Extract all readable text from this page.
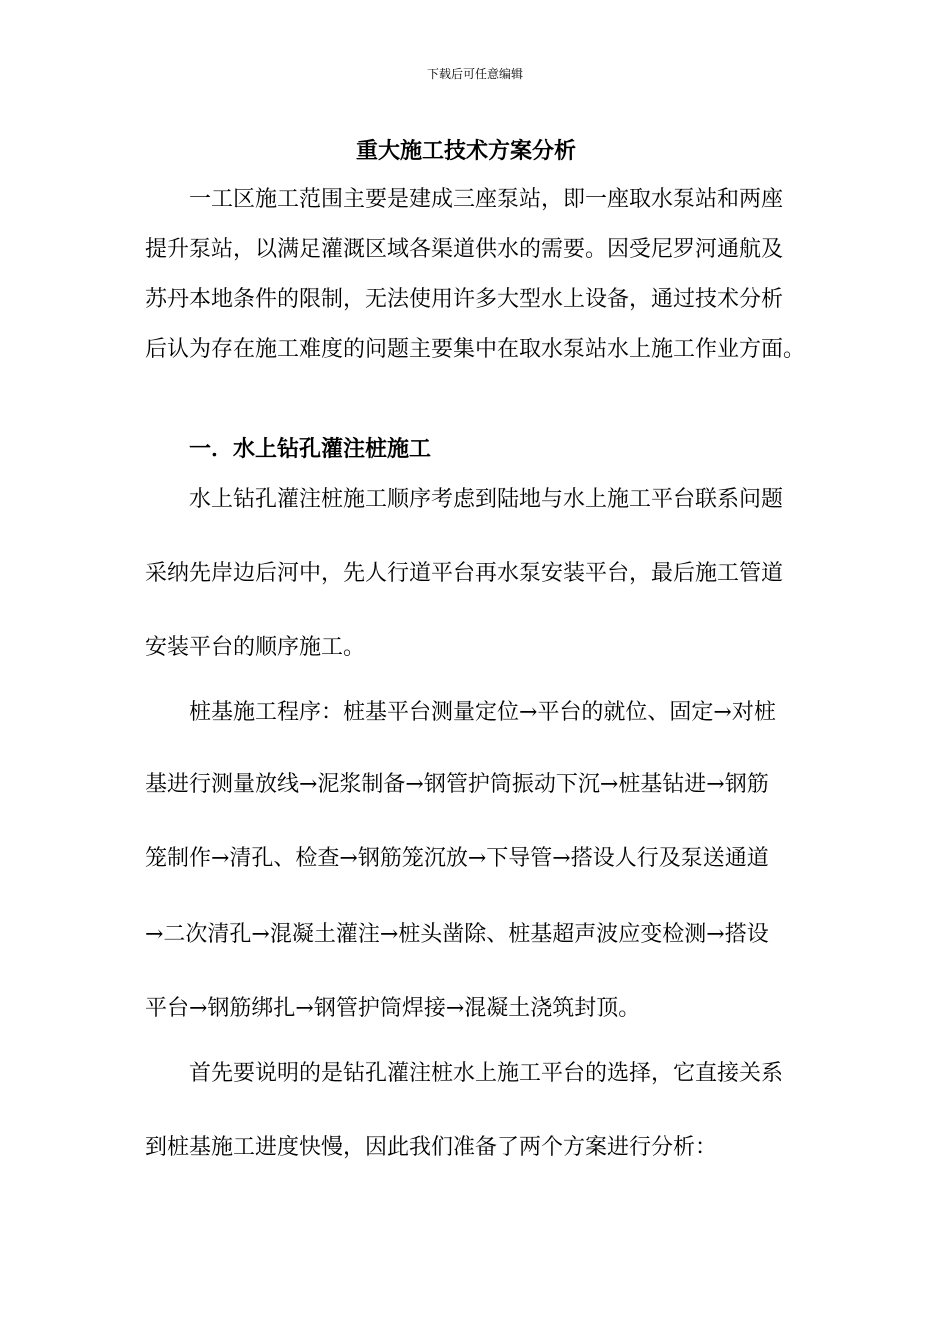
下载后可任意编辑
重大施工技术方案分析
一工区施工范围主要是建成三座泵站，即一座取水泵站和两座
提升泵站，以满足灌溉区域各渠道供水的需要。因受尼罗河通航及
苏丹本地条件的限制，无法使用许多大型水上设备，通过技术分析
后认为存在施工难度的问题主要集中在取水泵站水上施工作业方面。
一．水上钻孔灌注桩施工
水上钻孔灌注桩施工顺序考虑到陆地与水上施工平台联系问题
采纳先岸边后河中，先人行道平台再水泵安装平台，最后施工管道
安装平台的顺序施工。
桩基施工程序：桩基平台测量定位→平台的就位、固定→对桩
基进行测量放线→泥浆制备→钢管护筒振动下沉→桩基钻进→钢筋
笼制作→清孔、检查→钢筋笼沉放→下导管→搭设人行及泵送通道
→二次清孔→混凝土灌注→桩头凿除、桩基超声波应变检测→搭设
平台→钢筋绑扎→钢管护筒焊接→混凝土浇筑封顶。
首先要说明的是钻孔灌注桩水上施工平台的选择，它直接关系
到桩基施工进度快慢，因此我们准备了两个方案进行分析：
